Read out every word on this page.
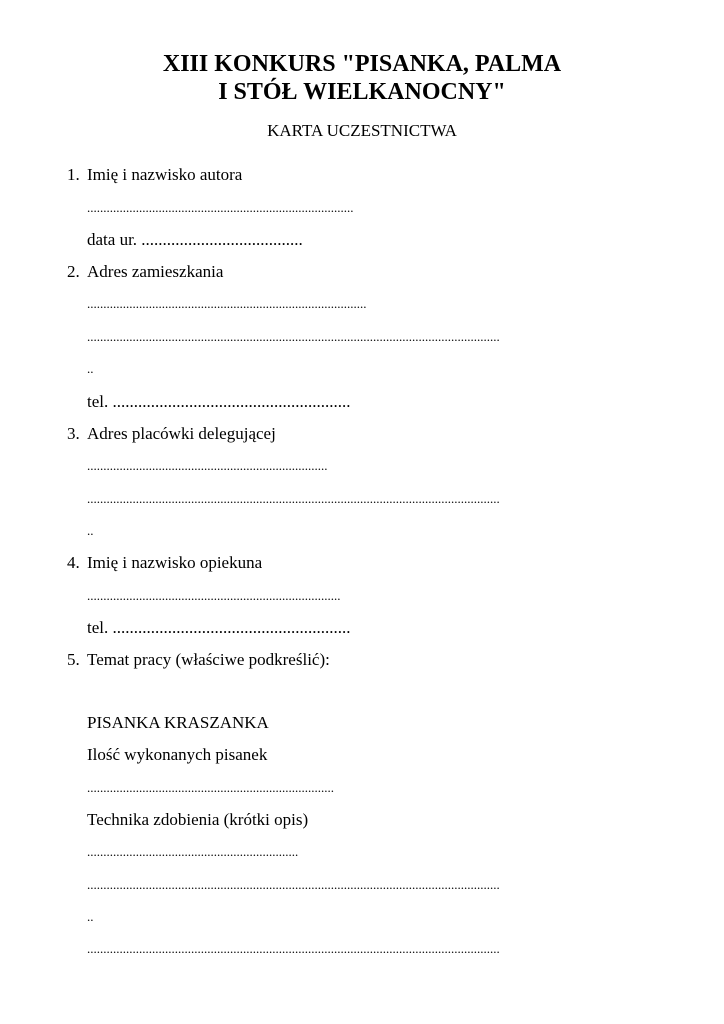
XIII KONKURS "PISANKA, PALMA
I STÓŁ WIELKANOCNY"
KARTA UCZESTNICTWA
1. Imię i nazwisko autora
..................................................................................
data ur. ......................................
2. Adres zamieszkania
......................................................................................
...............................................................................................................................
..
tel. ........................................................
3. Adres placówki delegującej
..........................................................................
...............................................................................................................................
..
4. Imię i nazwisko opiekuna
..............................................................................
tel. ........................................................
5. Temat pracy (właściwe podkreślić):
PISANKA KRASZANKA
Ilość wykonanych pisanek
............................................................................
Technika zdobienia (krótki opis)
.................................................................
...............................................................................................................................
..
...............................................................................................................................
